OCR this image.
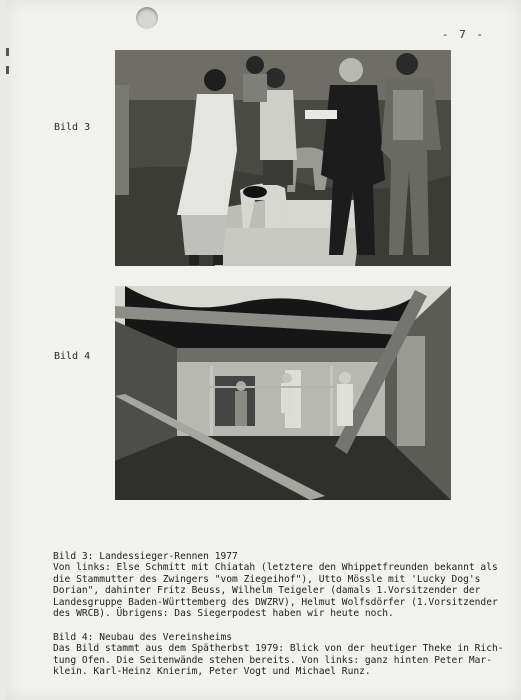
- 7 -
Bild 3
Bild 4
Bild 3: Landessieger-Rennen 1977
Von links: Else Schmitt mit Chiatah (letztere den Whippetfreunden bekannt als
die Stammutter des Zwingers "vom Ziegeihof"), Utto Mössle mit 'Lucky Dog's
Dorian", dahinter Fritz Beuss, Wilhelm Teigeler (damals 1.Vorsitzender der
Landesgruppe Baden-Württemberg des DWZRV), Helmut Wolfsdörfer (1.Vorsitzender
des WRCB). Übrigens: Das Siegerpodest haben wir heute noch.
Bild 4: Neubau des Vereinsheims
Das Bild stammt aus dem Spätherbst 1979: Blick von der heutiger Theke in Rich-
tung Ofen. Die Seitenwände stehen bereits. Von links: ganz hinten Peter Mar-
klein. Karl-Heinz Knierim, Peter Vogt und Michael Runz.
